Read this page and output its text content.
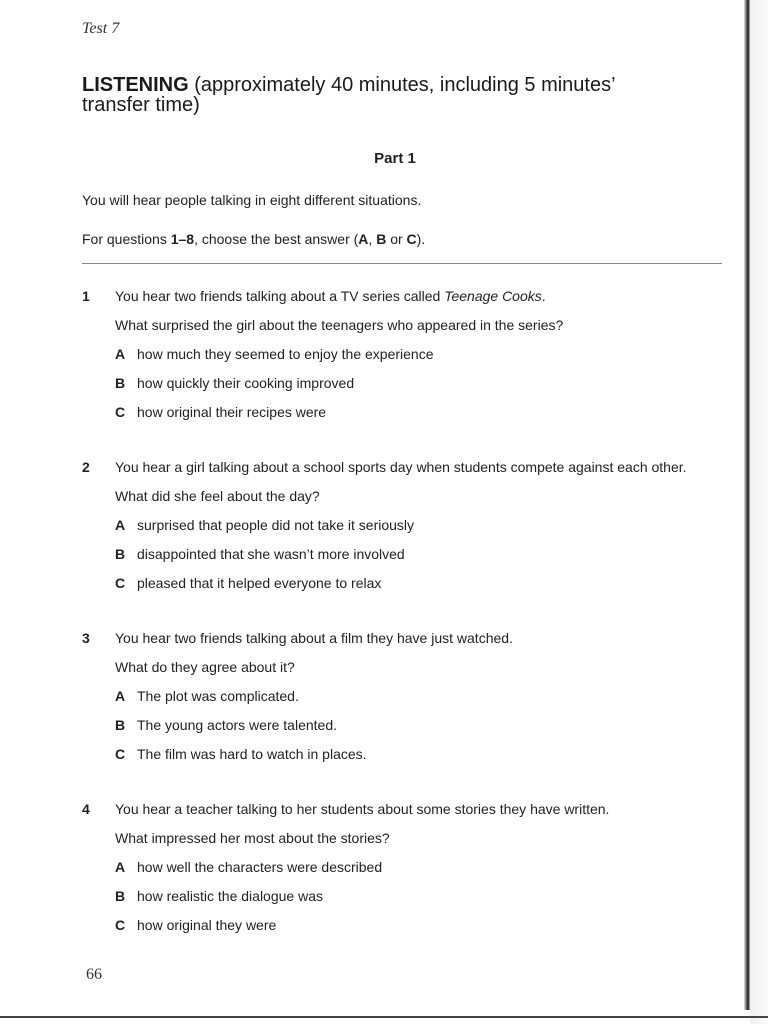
Test 7
LISTENING (approximately 40 minutes, including 5 minutes’ transfer time)
Part 1
You will hear people talking in eight different situations.
For questions 1–8, choose the best answer (A, B or C).
1	You hear two friends talking about a TV series called Teenage Cooks.
What surprised the girl about the teenagers who appeared in the series?
A how much they seemed to enjoy the experience
B how quickly their cooking improved
C how original their recipes were
2	You hear a girl talking about a school sports day when students compete against each other.
What did she feel about the day?
A surprised that people did not take it seriously
B disappointed that she wasn’t more involved
C pleased that it helped everyone to relax
3	You hear two friends talking about a film they have just watched.
What do they agree about it?
A The plot was complicated.
B The young actors were talented.
C The film was hard to watch in places.
4	You hear a teacher talking to her students about some stories they have written.
What impressed her most about the stories?
A how well the characters were described
B how realistic the dialogue was
C how original they were
66
